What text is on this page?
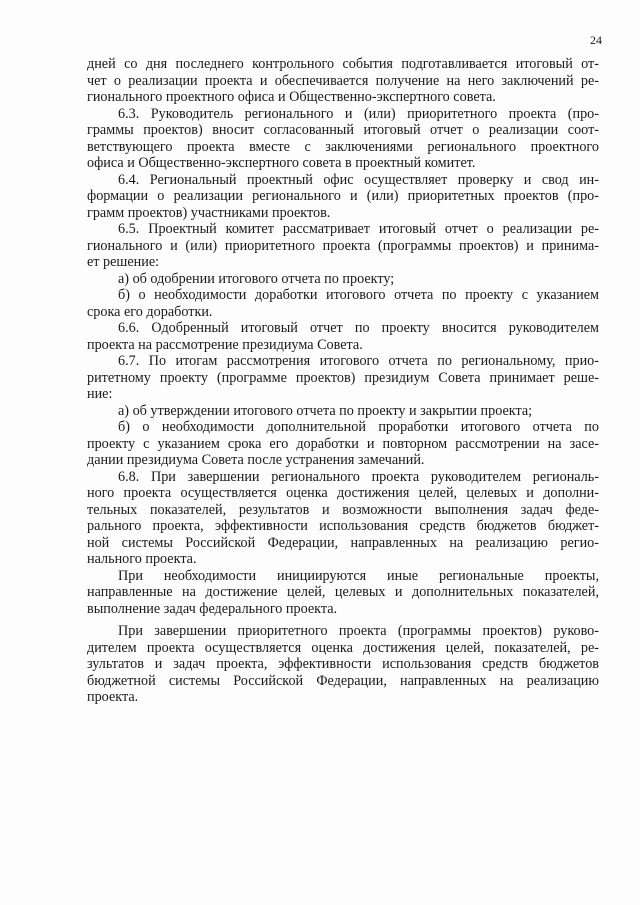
24
дней со дня последнего контрольного события подготавливается итоговый от-
чет о реализации проекта и обеспечивается получение на него заключений ре-
гионального проектного офиса и Общественно-экспертного совета.
6.3. Руководитель регионального и (или) приоритетного проекта (про-
граммы проектов) вносит согласованный итоговый отчет о реализации соот-
ветствующего проекта вместе с заключениями регионального проектного
офиса и Общественно-экспертного совета в проектный комитет.
6.4. Региональный проектный офис осуществляет проверку и свод ин-
формации о реализации регионального и (или) приоритетных проектов (про-
грамм проектов) участниками проектов.
6.5. Проектный комитет рассматривает итоговый отчет о реализации ре-
гионального и (или) приоритетного проекта (программы проектов) и принима-
ет решение:
а) об одобрении итогового отчета по проекту;
б) о необходимости доработки итогового отчета по проекту с указанием
срока его доработки.
6.6. Одобренный итоговый отчет по проекту вносится руководителем
проекта на рассмотрение президиума Совета.
6.7. По итогам рассмотрения итогового отчета по региональному, прио-
ритетному проекту (программе проектов) президиум Совета принимает реше-
ние:
а) об утверждении итогового отчета по проекту и закрытии проекта;
б) о необходимости дополнительной проработки итогового отчета по
проекту с указанием срока его доработки и повторном рассмотрении на засе-
дании президиума Совета после устранения замечаний.
6.8. При завершении регионального проекта руководителем региональ-
ного проекта осуществляется оценка достижения целей, целевых и дополни-
тельных показателей, результатов и возможности выполнения задач феде-
рального проекта, эффективности использования средств бюджетов бюджет-
ной системы Российской Федерации, направленных на реализацию регио-
нального проекта.
При необходимости инициируются иные региональные проекты,
направленные на достижение целей, целевых и дополнительных показателей,
выполнение задач федерального проекта.
При завершении приоритетного проекта (программы проектов) руково-
дителем проекта осуществляется оценка достижения целей, показателей, ре-
зультатов и задач проекта, эффективности использования средств бюджетов
бюджетной системы Российской Федерации, направленных на реализацию
проекта.
